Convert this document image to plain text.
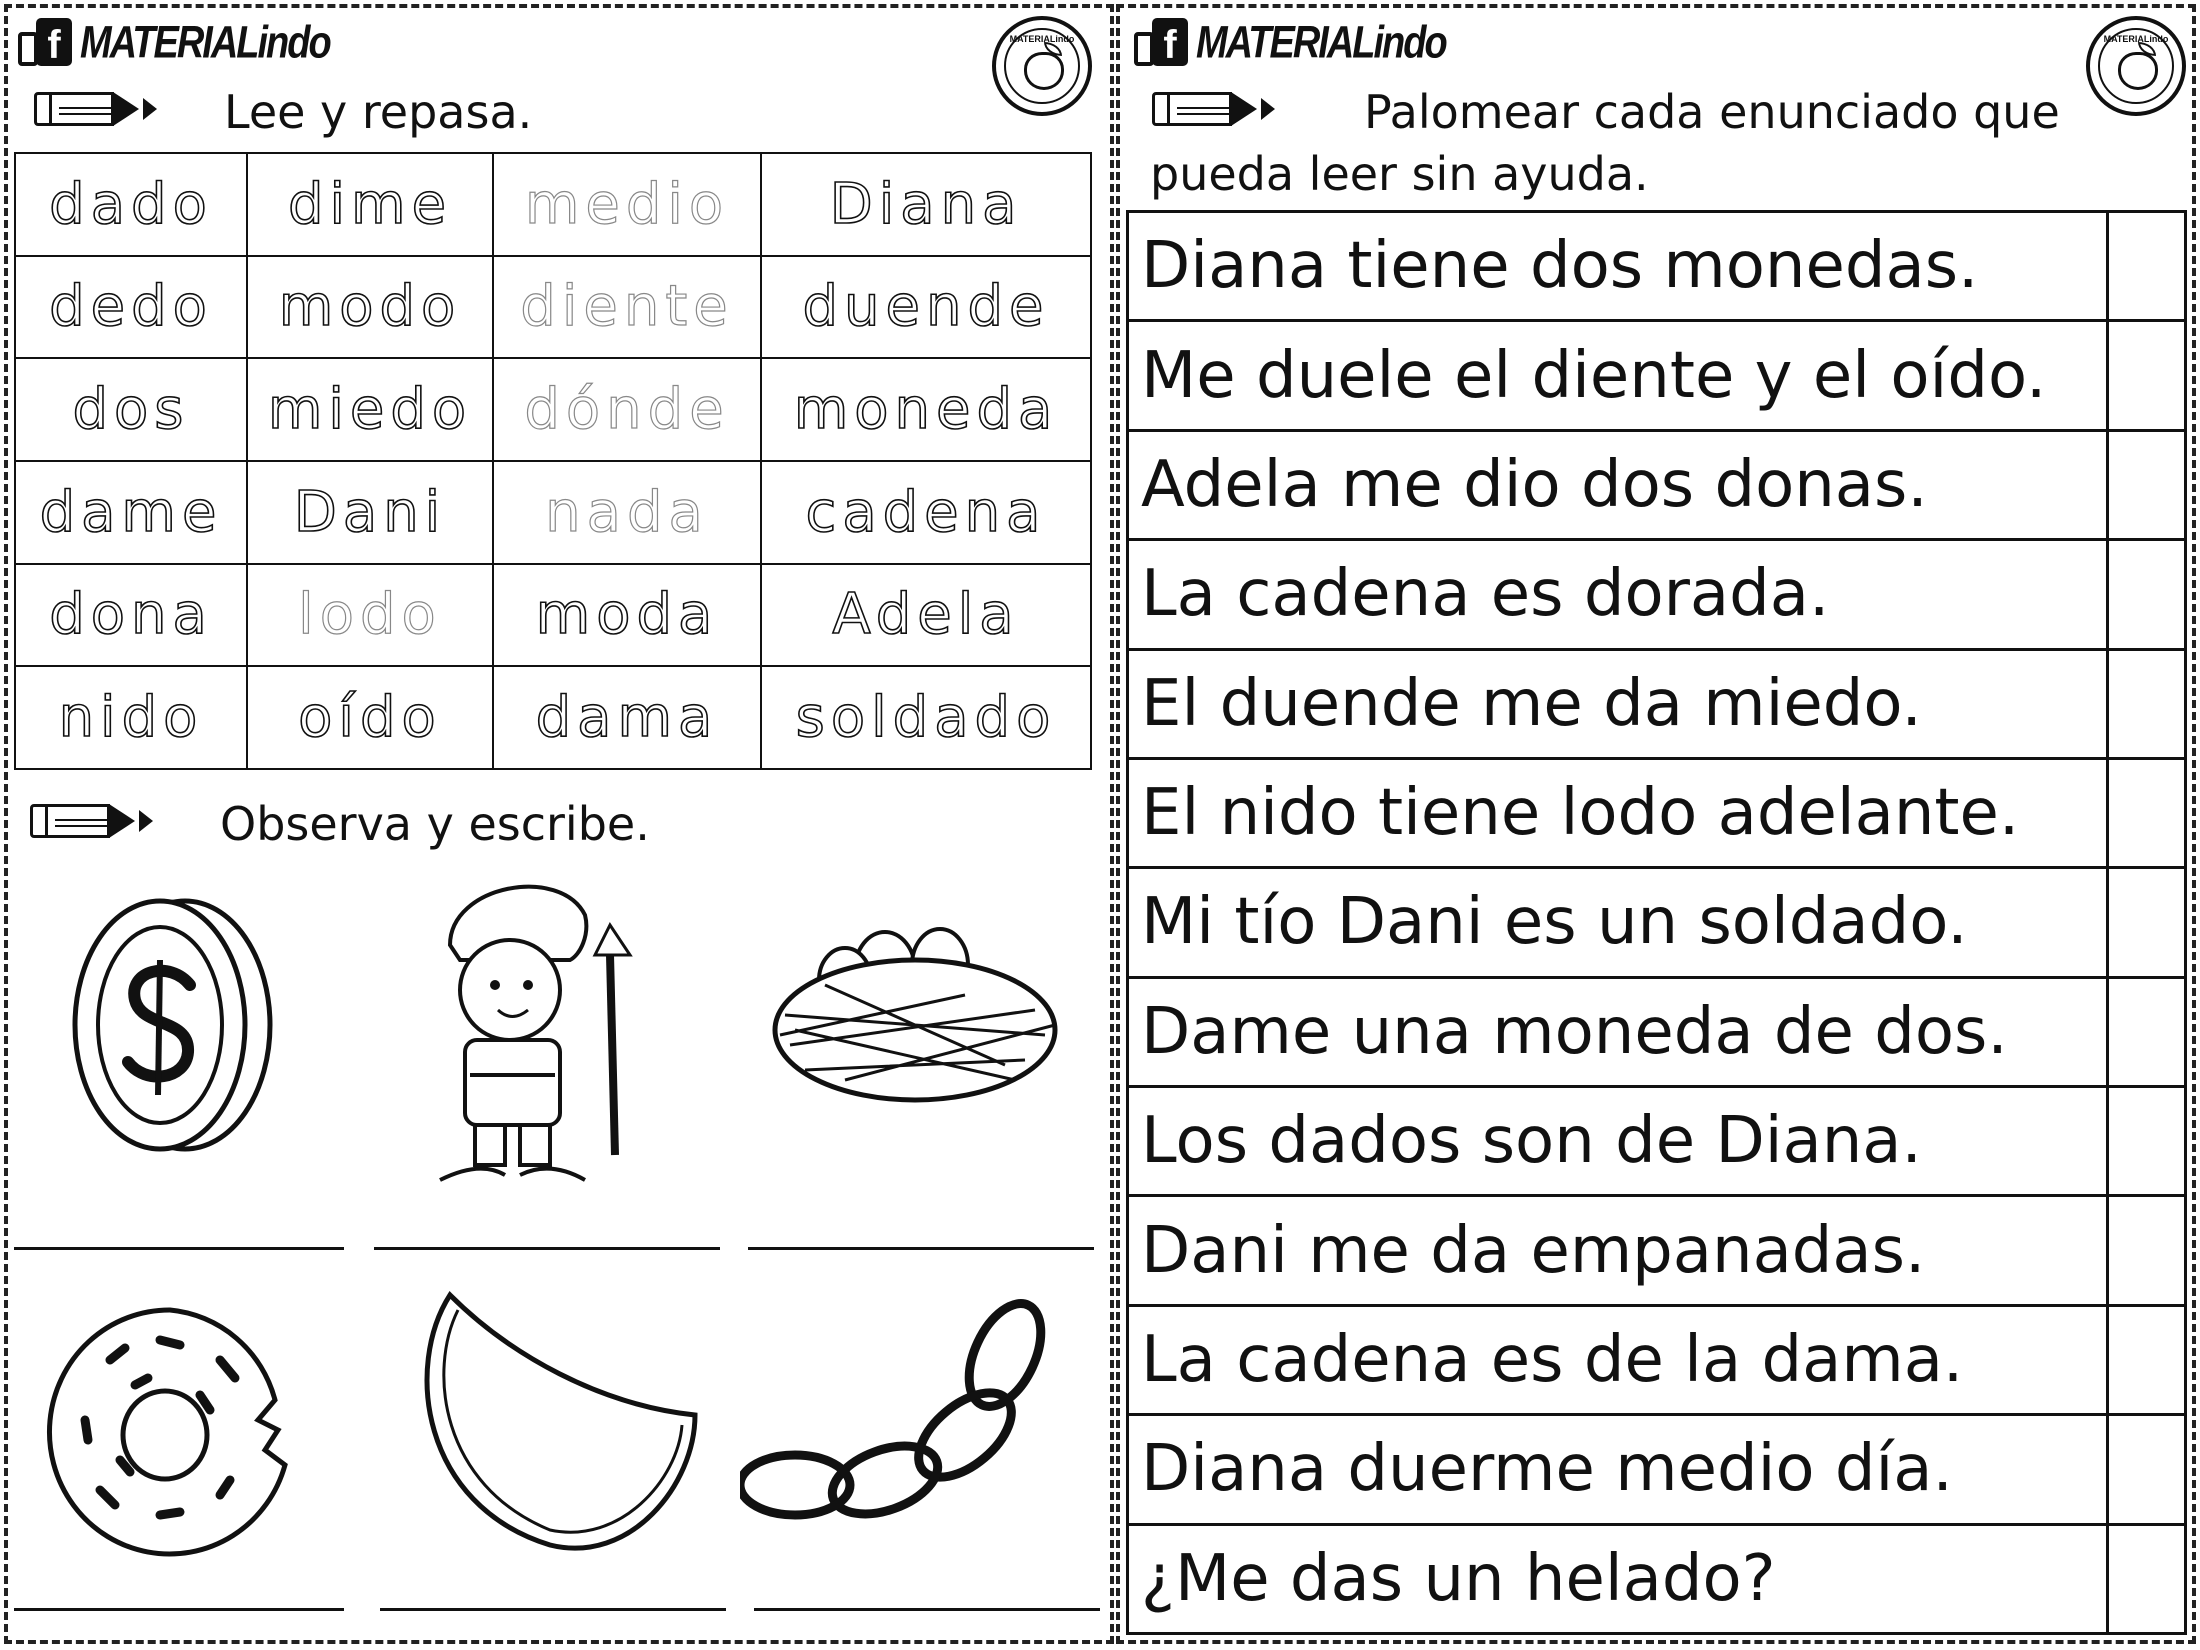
f MATERIALindo	MATERIALindo
Lee y repasa.
dado	dime	medio	Diana
dedo	modo	diente	duende
dos	miedo	dónde	moneda
dame	Dani	nada	cadena
dona	lodo	moda	Adela
nido	oído	dama	soldado
Observa y escribe.
f MATERIALindo	MATERIALindo
Palomear cada enunciado que
pueda leer sin ayuda.
Diana tiene dos monedas.	
Me duele el diente y el oído.	
Adela me dio dos donas.	
La cadena es dorada.	
El duende me da miedo.	
El nido tiene lodo adelante.	
Mi tío Dani es un soldado.	
Dame una moneda de dos.	
Los dados son de Diana.	
Dani me da empanadas.	
La cadena es de la dama.	
Diana duerme medio día.	
¿Me das un helado?	
